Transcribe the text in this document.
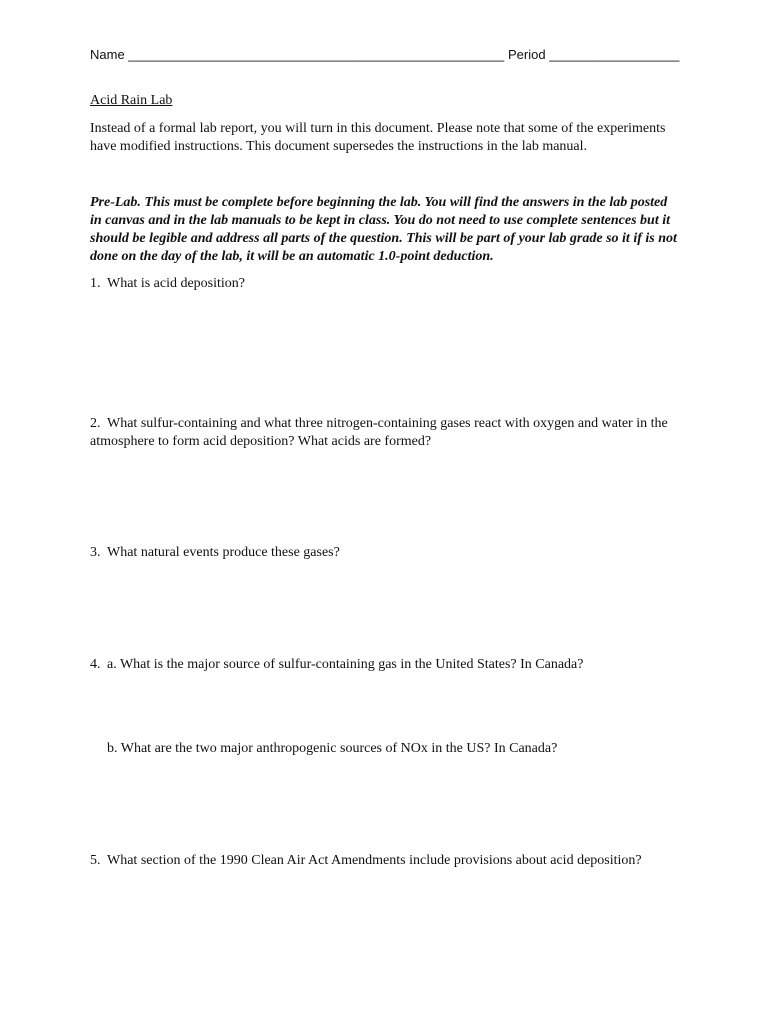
Name ____________________________________________________ Period __________________
Acid Rain Lab
Instead of a formal lab report, you will turn in this document. Please note that some of the experiments have modified instructions. This document supersedes the instructions in the lab manual.
Pre-Lab. This must be complete before beginning the lab. You will find the answers in the lab posted in canvas and in the lab manuals to be kept in class. You do not need to use complete sentences but it should be legible and address all parts of the question. This will be part of your lab grade so it if is not done on the day of the lab, it will be an automatic 1.0-point deduction.
1. What is acid deposition?
2. What sulfur-containing and what three nitrogen-containing gases react with oxygen and water in the atmosphere to form acid deposition? What acids are formed?
3. What natural events produce these gases?
4. a. What is the major source of sulfur-containing gas in the United States? In Canada?
b. What are the two major anthropogenic sources of NOx in the US? In Canada?
5. What section of the 1990 Clean Air Act Amendments include provisions about acid deposition?
